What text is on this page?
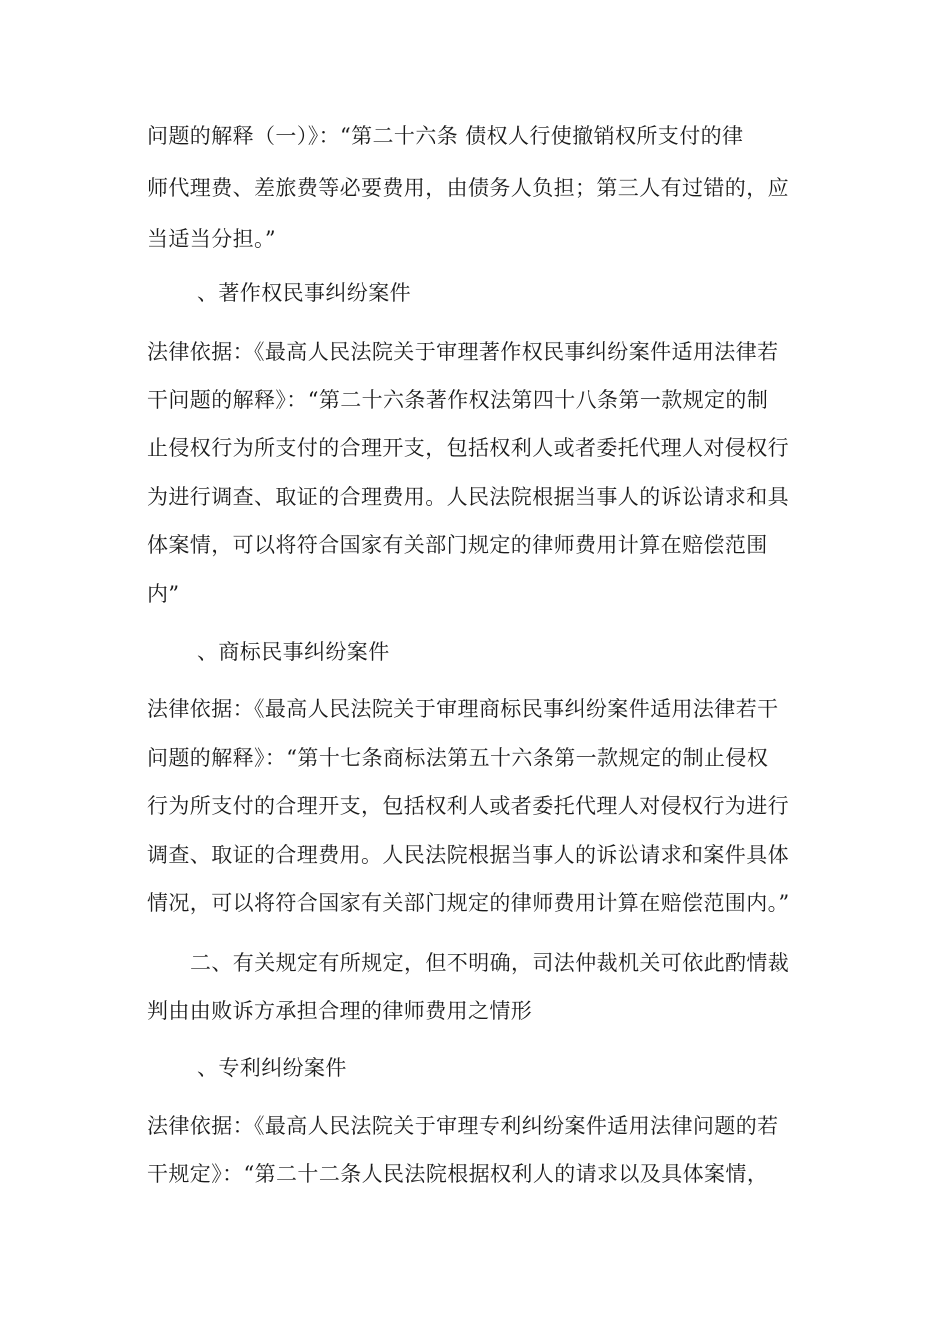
问题的解释（一）》：“第二十六条 债权人行使撤销权所支付的律
师代理费、差旅费等必要费用，由债务人负担；第三人有过错的，应
当适当分担。”
、著作权民事纠纷案件
法律依据：《最高人民法院关于审理著作权民事纠纷案件适用法律若
干问题的解释》：“第二十六条著作权法第四十八条第一款规定的制
止侵权行为所支付的合理开支，包括权利人或者委托代理人对侵权行
为进行调查、取证的合理费用。人民法院根据当事人的诉讼请求和具
体案情，可以将符合国家有关部门规定的律师费用计算在赔偿范围
内”
、商标民事纠纷案件
法律依据：《最高人民法院关于审理商标民事纠纷案件适用法律若干
问题的解释》：“第十七条商标法第五十六条第一款规定的制止侵权
行为所支付的合理开支，包括权利人或者委托代理人对侵权行为进行
调查、取证的合理费用。人民法院根据当事人的诉讼请求和案件具体
情况，可以将符合国家有关部门规定的律师费用计算在赔偿范围内。”
二、有关规定有所规定，但不明确，司法仲裁机关可依此酌情裁
判由由败诉方承担合理的律师费用之情形
、专利纠纷案件
法律依据：《最高人民法院关于审理专利纠纷案件适用法律问题的若
干规定》：“第二十二条人民法院根据权利人的请求以及具体案情，
